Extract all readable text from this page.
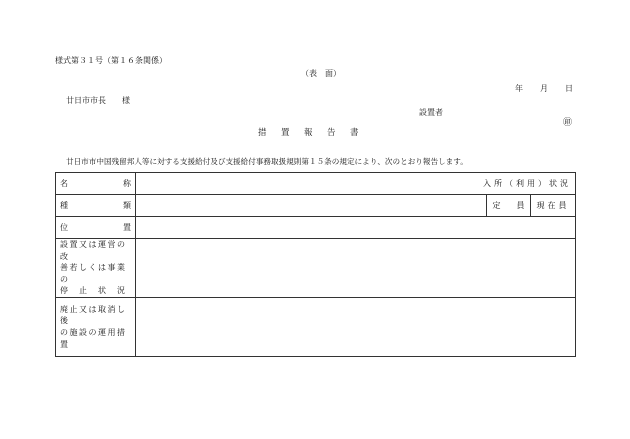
様式第３１号（第１６条関係）
（表　面）
年 月 日
廿日市市長　　様
設置者
㊞
措　置　報　告　書
廿日市市中国残留邦人等に対する支援給付及び支援給付事務取扱規則第１５条の規定により、次のとおり報告します。
名 称	入所（利用）状況		

種 類		定　　員	現在員

位 置			

設置又は運営の改
善若しくは事業の
停　止　状　況			

廃止又は取消し後
の施設の運用措置			
